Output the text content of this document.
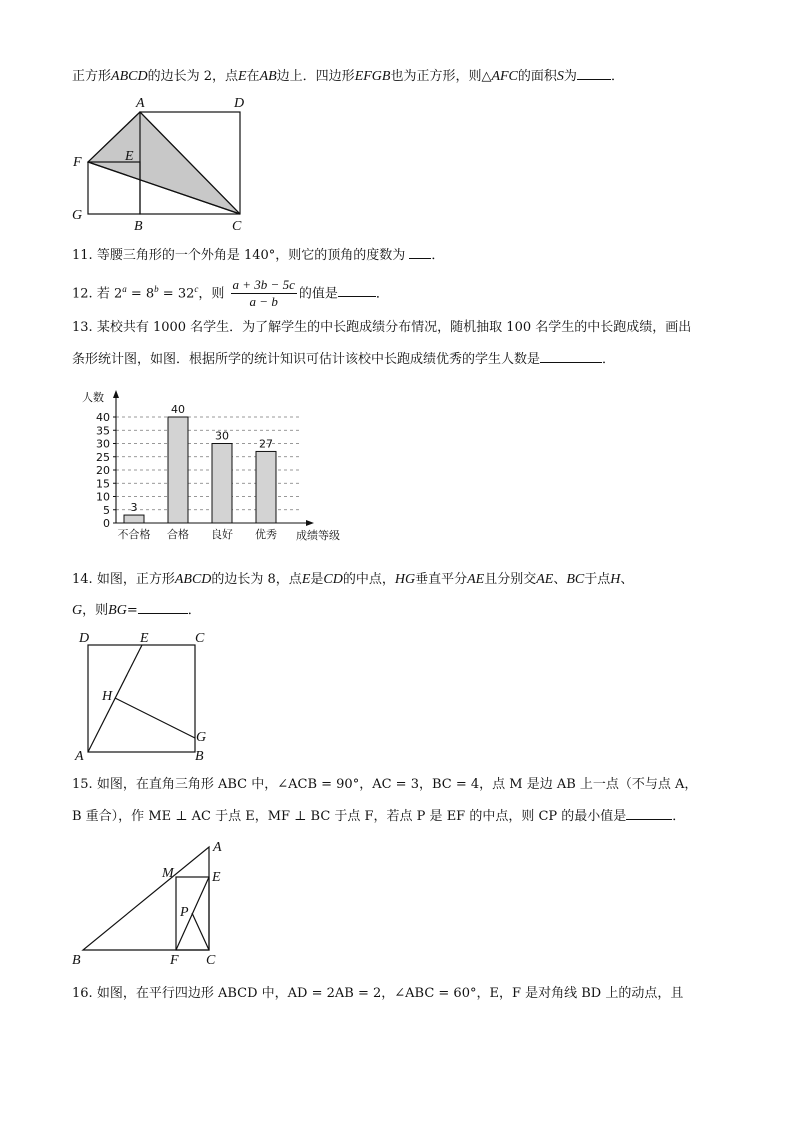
正方形ABCD的边长为 2，点E在AB边上．四边形EFGB也为正方形，则△AFC的面积S为	．
A	D
F	E
G
B	C
11. 等腰三角形的一个外角是 140°，则它的顶角的度数为 ．
12. 若 $2^a = 8^b = 32^c$，则 $\frac{a + 3b - 5c}{a - b}$ 的值是	．
13. 某校共有 1000 名学生．为了解学生的中长跑成绩分布情况，随机抽取 100 名学生的中长跑成绩，画出
条形统计图，如图．根据所学的统计知识可估计该校中长跑成绩优秀的学生人数是	．
3
不合格
40
合格
30
良好
27
优秀
0
5
10
15
20
25
30
35
40
人数
成绩等级
14. 如图，正方形ABCD的边长为 8，点E是CD的中点，HG垂直平分AE且分别交AE、BC于点H、
G，则BG=	．
D	E	C
H
G
A	B
15. 如图，在直角三角形 ABC 中，∠ACB = 90°，AC = 3，BC = 4，点 M 是边 AB 上一点（不与点 A，
B 重合），作 ME ⊥ AC 于点 E，MF ⊥ BC 于点 F，若点 P 是 EF 的中点，则 CP 的最小值是	．
A
M	E
P
B	F C
16. 如图，在平行四边形 ABCD 中，AD = 2AB = 2，∠ABC = 60°，E，F 是对角线 BD 上的动点，且
